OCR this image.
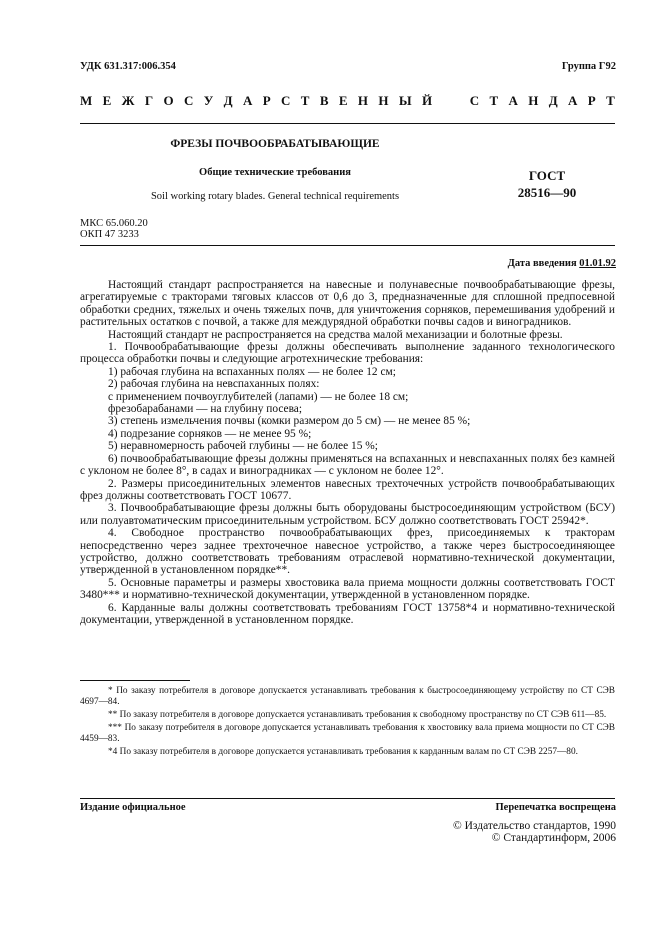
УДК 631.317:006.354	Группа Г92
М Е Ж Г О С У Д А Р С Т В Е Н Н Ы Й

	С Т А Н Д А Р Т
ФРЕЗЫ ПОЧВООБРАБАТЫВАЮЩИЕ
Общие технические требования
Soil working rotary blades. General technical requirements
ГОСТ
28516—90
МКС 65.060.20
ОКП 47 3233
Дата введения 01.01.92

Настоящий стандарт распространяется на навесные и полунавесные почвообрабатывающие фрезы, агрегатируемые с тракторами тяговых классов от 0,6 до 3, предназначенные для сплошной предпосевной обработки средних, тяжелых и очень тяжелых почв, для уничтожения сорняков, перемешивания удобрений и растительных остатков с почвой, а также для междурядной обработки почвы садов и виноградников.

Настоящий стандарт не распространяется на средства малой механизации и болотные фрезы.

1. Почвообрабатывающие фрезы должны обеспечивать выполнение заданного технологического процесса обработки почвы и следующие агротехнические требования:

1) рабочая глубина на вспаханных полях — не более 12 см;

2) рабочая глубина на невспаханных полях:

с применением почвоуглубителей (лапами) — не более 18 см;

фрезобарабанами — на глубину посева;

3) степень измельчения почвы (комки размером до 5 см) — не менее 85 %;

4) подрезание сорняков — не менее 95 %;

5) неравномерность рабочей глубины — не более 15 %;

6) почвообрабатывающие фрезы должны применяться на вспаханных и невспаханных полях без камней с уклоном не более 8°, в садах и виноградниках — с уклоном не более 12°.

2. Размеры присоединительных элементов навесных трехточечных устройств почвообрабатывающих фрез должны соответствовать ГОСТ 10677.

3. Почвообрабатывающие фрезы должны быть оборудованы быстросоединяющим устройством (БСУ) или полуавтоматическим присоединительным устройством. БСУ должно соответствовать ГОСТ 25942*.

4. Свободное пространство почвообрабатывающих фрез, присоединяемых к тракторам непосредственно через заднее трехточечное навесное устройство, а также через быстросоединяющее устройство, должно соответствовать требованиям отраслевой нормативно-технической документации, утвержденной в установленном порядке**.

5. Основные параметры и размеры хвостовика вала приема мощности должны соответствовать ГОСТ 3480*** и нормативно-технической документации, утвержденной в установленном порядке.

6. Карданные валы должны соответствовать требованиям ГОСТ 13758*4 и нормативно-технической документации, утвержденной в установленном порядке.

* По заказу потребителя в договоре допускается устанавливать требования к быстросоединяющему устройству по СТ СЭВ 4697—84.

** По заказу потребителя в договоре допускается устанавливать требования к свободному пространству по СТ СЭВ 611—85.

*** По заказу потребителя в договоре допускается устанавливать требования к хвостовику вала приема мощности по СТ СЭВ 4459—83.

*4 По заказу потребителя в договоре допускается устанавливать требования к карданным валам по СТ СЭВ 2257—80.

Издание официальное	Перепечатка воспрещена
© Издательство стандартов, 1990
© Стандартинформ, 2006
